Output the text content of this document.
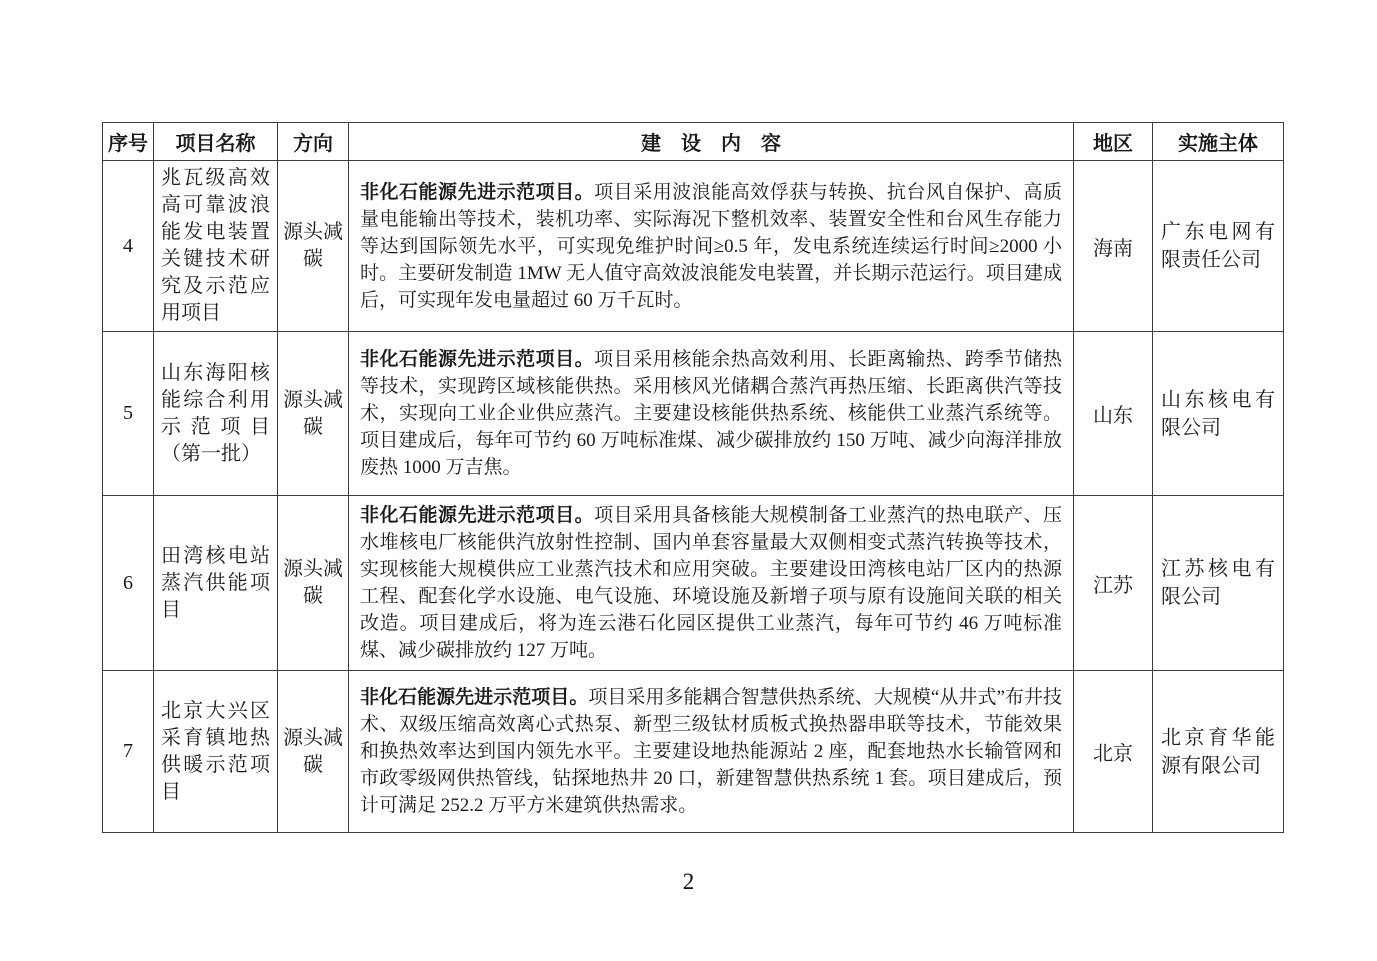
序号	项目名称	方向	建　设　内　容	地区	实施主体
4	兆瓦级高效高可靠波浪能发电装置关键技术研究及示范应用项目	源头减碳	非化石能源先进示范项目。项目采用波浪能高效俘获与转换、抗台风自保护、高质量电能输出等技术，装机功率、实际海况下整机效率、装置安全性和台风生存能力等达到国际领先水平，可实现免维护时间≥0.5 年，发电系统连续运行时间≥2000 小时。主要研发制造 1MW 无人值守高效波浪能发电装置，并长期示范运行。项目建成后，可实现年发电量超过 60 万千瓦时。	海南	广东电网有限责任公司
5	山东海阳核能综合利用示范项目（第一批）	源头减碳	非化石能源先进示范项目。项目采用核能余热高效利用、长距离输热、跨季节储热等技术，实现跨区域核能供热。采用核风光储耦合蒸汽再热压缩、长距离供汽等技术，实现向工业企业供应蒸汽。主要建设核能供热系统、核能供工业蒸汽系统等。项目建成后，每年可节约 60 万吨标准煤、减少碳排放约 150 万吨、减少向海洋排放废热 1000 万吉焦。	山东	山东核电有限公司
6	田湾核电站蒸汽供能项目	源头减碳	非化石能源先进示范项目。项目采用具备核能大规模制备工业蒸汽的热电联产、压水堆核电厂核能供汽放射性控制、国内单套容量最大双侧相变式蒸汽转换等技术，实现核能大规模供应工业蒸汽技术和应用突破。主要建设田湾核电站厂区内的热源工程、配套化学水设施、电气设施、环境设施及新增子项与原有设施间关联的相关改造。项目建成后，将为连云港石化园区提供工业蒸汽，每年可节约 46 万吨标准煤、减少碳排放约 127 万吨。	江苏	江苏核电有限公司
7	北京大兴区采育镇地热供暖示范项目	源头减碳	非化石能源先进示范项目。项目采用多能耦合智慧供热系统、大规模“从井式”布井技术、双级压缩高效离心式热泵、新型三级钛材质板式换热器串联等技术，节能效果和换热效率达到国内领先水平。主要建设地热能源站 2 座，配套地热水长输管网和市政零级网供热管线，钻探地热井 20 口，新建智慧供热系统 1 套。项目建成后，预计可满足 252.2 万平方米建筑供热需求。	北京	北京育华能源有限公司
2
